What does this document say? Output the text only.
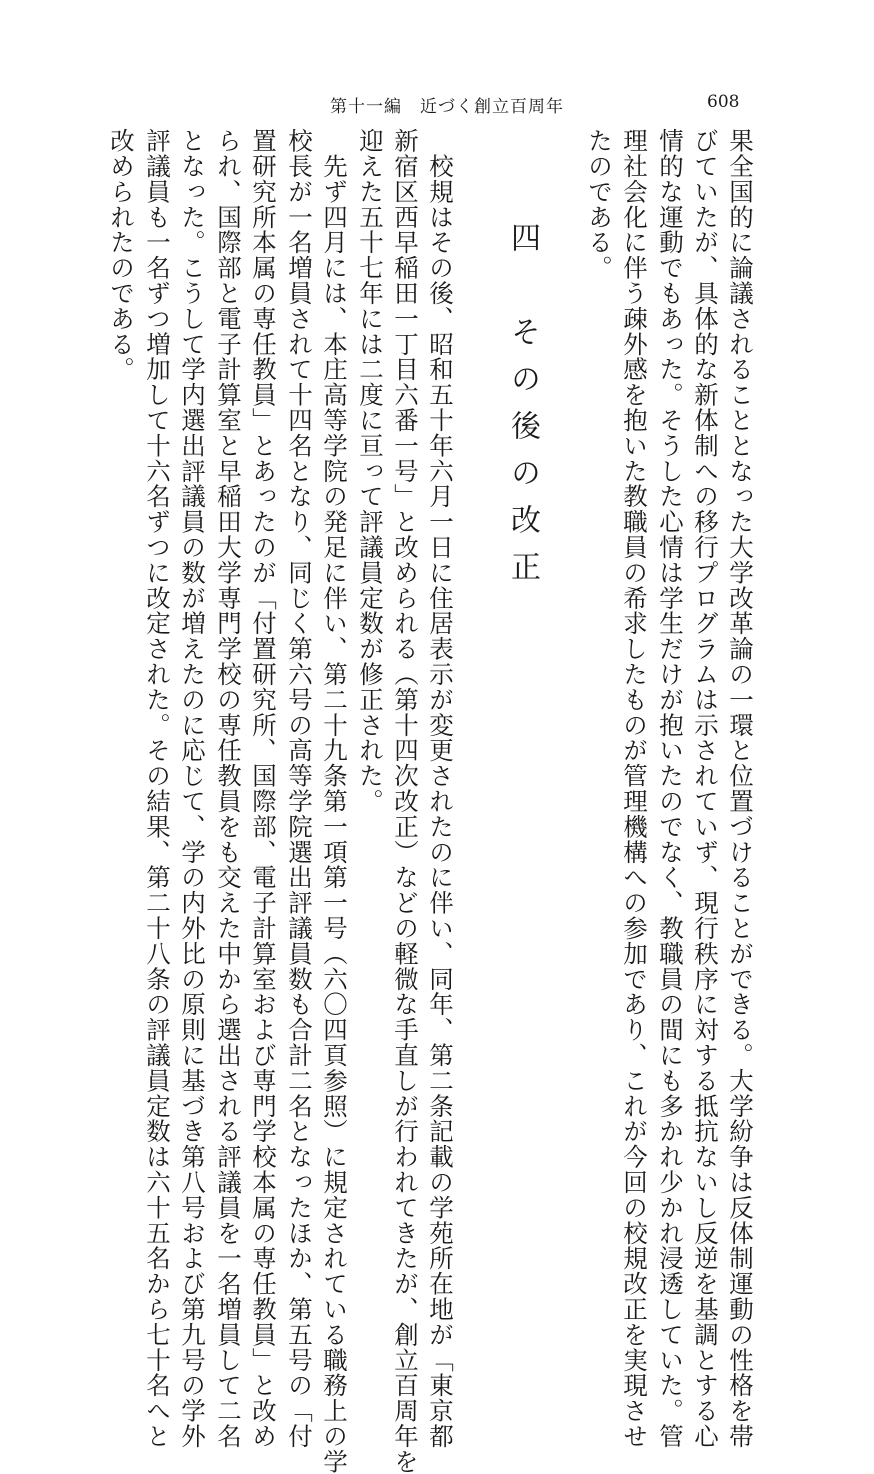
第十一編　近づく創立百周年	608
果全国的に論議されることとなった大学改革論の一環と位置づけることができる。大学紛争は反体制運動の性格を帯
びていたが、具体的な新体制への移行プログラムは示されていず、現行秩序に対する抵抗ないし反逆を基調とする心
情的な運動でもあった。そうした心情は学生だけが抱いたのでなく、教職員の間にも多かれ少かれ浸透していた。管
理社会化に伴う疎外感を抱いた教職員の希求したものが管理機構への参加であり、これが今回の校規改正を実現させ
たのである。
四　その後の改正
　校規はその後、昭和五十年六月一日に住居表示が変更されたのに伴い、同年、第二条記載の学苑所在地が「東京都
新宿区西早稲田一丁目六番一号」と改められる（第十四次改正）などの軽微な手直しが行われてきたが、創立百周年を
迎えた五十七年には二度に亘って評議員定数が修正された。
　先ず四月には、本庄高等学院の発足に伴い、第二十九条第一項第一号（六〇四頁参照）に規定されている職務上の学
校長が一名増員されて十四名となり、同じく第六号の高等学院選出評議員数も合計二名となったほか、第五号の「付
置研究所本属の専任教員」とあったのが「付置研究所、国際部、電子計算室および専門学校本属の専任教員」と改め
られ、国際部と電子計算室と早稲田大学専門学校の専任教員をも交えた中から選出される評議員を一名増員して二名
となった。こうして学内選出評議員の数が増えたのに応じて、学の内外比の原則に基づき第八号および第九号の学外
評議員も一名ずつ増加して十六名ずつに改定された。その結果、第二十八条の評議員定数は六十五名から七十名へと
改められたのである。
